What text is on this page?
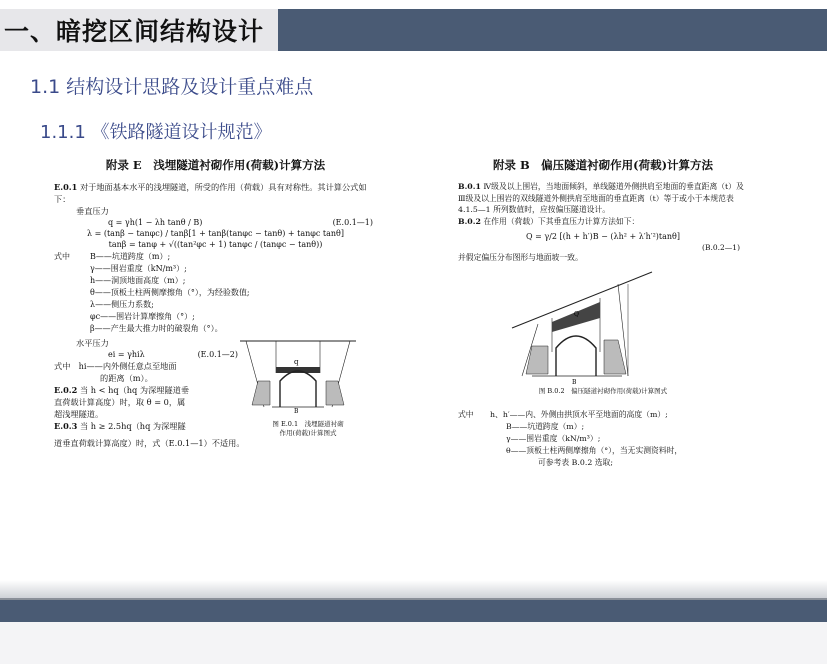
一、暗挖区间结构设计
1.1 结构设计思路及设计重点难点
1.1.1 《铁路隧道设计规范》
附录 E　浅埋隧道衬砌作用(荷载)计算方法
E.0.1 对于地面基本水平的浅埋隧道，所受的作用（荷载）具有对称性。其计算公式如下：
垂直压力
q = γh(1 − λh tanθ / B)	(E.0.1—1)
λ = (tanβ − tanφc) / tanβ[1 + tanβ(tanφc − tanθ) + tanφc tanθ]
tanβ = tanφ + √((tan²φc + 1) tanφc / (tanφc − tanθ))
式中	B——坑道跨度（m）;
γ——围岩重度（kN/m³）;
h——洞顶地面高度（m）;
θ——顶板土柱两侧摩擦角（°），为经验数值;
λ——侧压力系数;
φc——围岩计算摩擦角（°）;
β——产生最大推力时的破裂角（°）。
水平压力
ei = γhiλ	(E.0.1—2)
式中　hi——内外侧任意点至地面
的距离（m）。
E.0.2 当 h < hq（hq 为深埋隧道垂
直荷载计算高度）时，取 θ = 0，属
超浅埋隧道。
E.0.3 当 h ≥ 2.5hq（hq 为深埋隧
q
B
图 E.0.1　浅埋隧道衬砌
作用(荷载)计算图式
道垂直荷载计算高度）时，式（E.0.1—1）不适用。
附录 B　偏压隧道衬砌作用(荷载)计算方法
B.0.1 Ⅳ级及以上围岩，当地面倾斜，单线隧道外侧拱肩至地面的垂直距离（t）及Ⅲ级及以上围岩的双线隧道外侧拱肩至地面的垂直距离（t）等于或小于本规范表 4.1.5—1 所列数值时，应按偏压隧道设计。
B.0.2 在作用（荷载）下其垂直压力计算方法如下：
Q = γ/2 [(h + h′)B − (λh² + λ′h′²)tanθ]
(B.0.2—1)
并假定偏压分布图形与地面坡一致。
B
Q
图 B.0.2　偏压隧道衬砌作用(荷载)计算图式
式中 h、h′——内、外侧由拱顶水平至地面的高度（m）;
B——坑道跨度（m）;
γ——围岩重度（kN/m³）;
θ——顶板土柱两侧摩擦角（°），当无实测资料时，
可参考表 B.0.2 选取;
